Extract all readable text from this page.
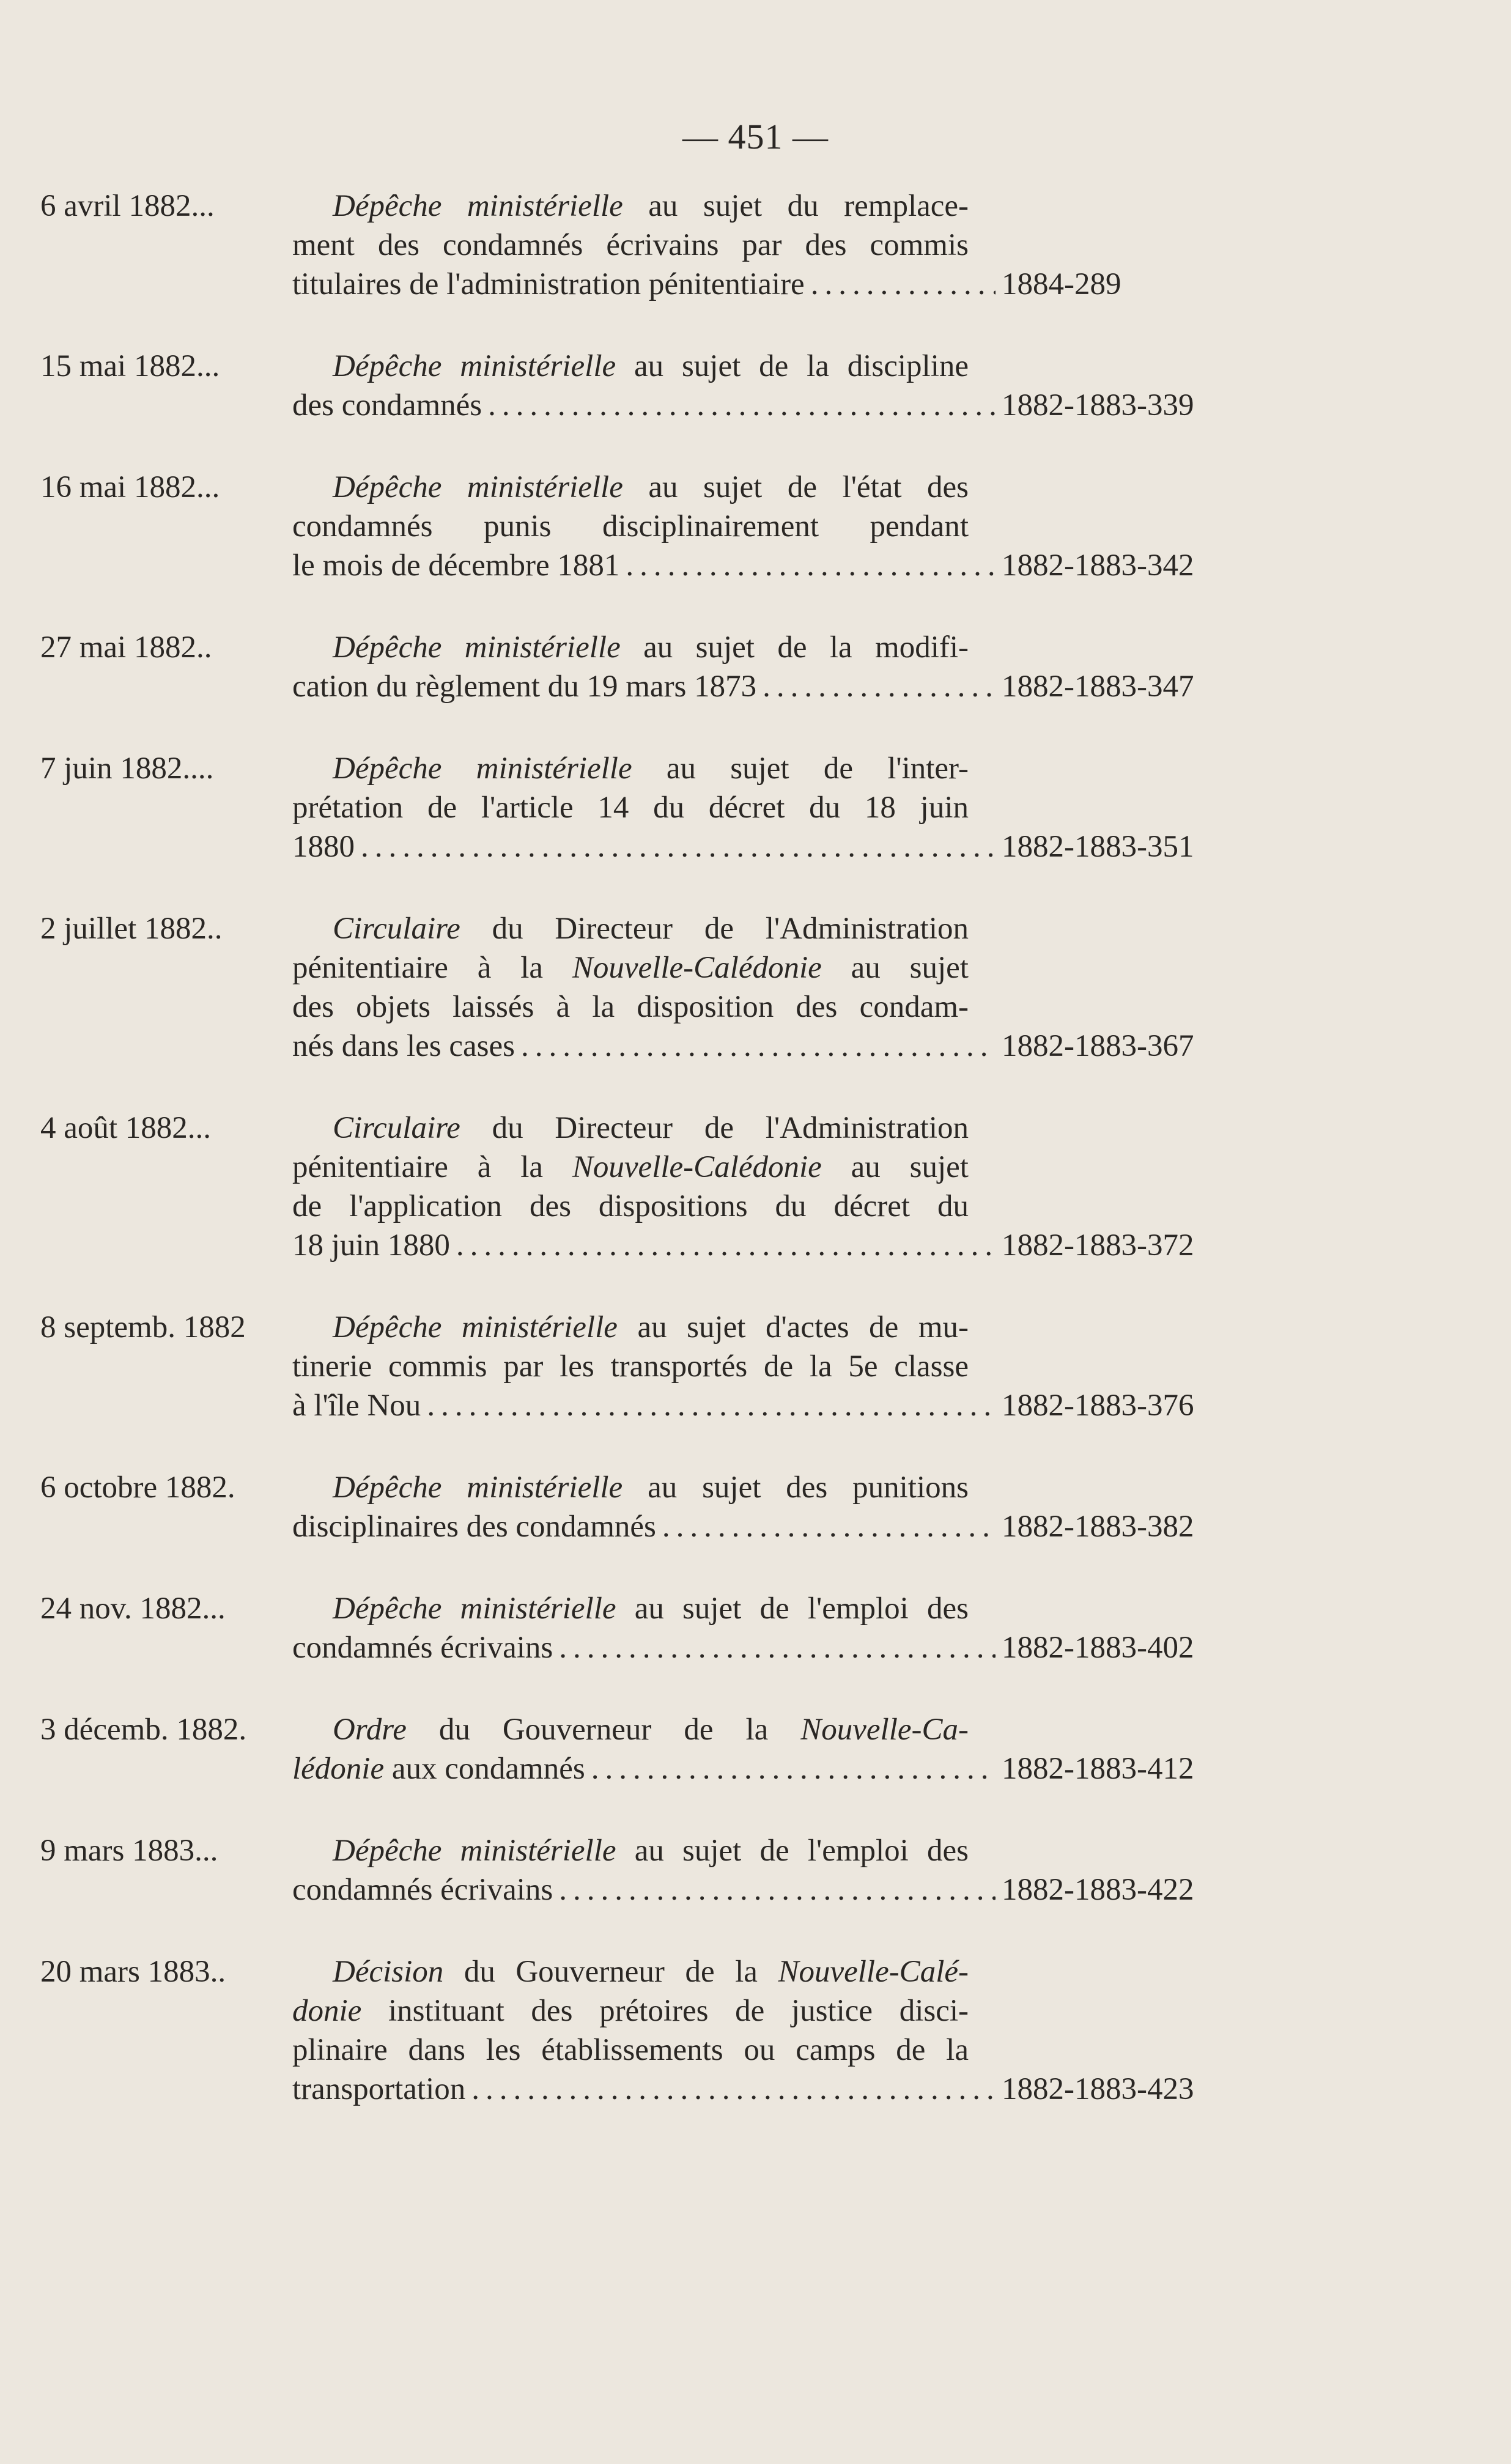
— 451 —
6 avril 1882...	Dépêche ministérielle au sujet du remplace-
ment des condamnés écrivains par des commis
titulaires de l'administration pénitentiaire .....	1884-289
15 mai 1882...	Dépêche ministérielle au sujet de la discipline
des condamnés .....	1882-1883-339
16 mai 1882...	Dépêche ministérielle au sujet de l'état des
condamnés punis disciplinairement pendant
le mois de décembre 1881 .....	1882-1883-342
27 mai 1882..	Dépêche ministérielle au sujet de la modifi-
cation du règlement du 19 mars 1873 .....	1882-1883-347
7 juin 1882....	Dépêche ministérielle au sujet de l'inter-
prétation de l'article 14 du décret du 18 juin
1880 .....	1882-1883-351
2 juillet 1882..	Circulaire du Directeur de l'Administration
pénitentiaire à la Nouvelle-Calédonie au sujet
des objets laissés à la disposition des condam-
nés dans les cases .....	1882-1883-367
4 août 1882...	Circulaire du Directeur de l'Administration
pénitentiaire à la Nouvelle-Calédonie au sujet
de l'application des dispositions du décret du
18 juin 1880 .....	1882-1883-372
8 septemb. 1882	Dépêche ministérielle au sujet d'actes de mu-
tinerie commis par les transportés de la 5e classe
à l'île Nou .....	1882-1883-376
6 octobre 1882.	Dépêche ministérielle au sujet des punitions
disciplinaires des condamnés .....	1882-1883-382
24 nov. 1882...	Dépêche ministérielle au sujet de l'emploi des
condamnés écrivains .....	1882-1883-402
3 décemb. 1882.	Ordre du Gouverneur de la Nouvelle-Ca-
lédonie aux condamnés .....	1882-1883-412
9 mars 1883...	Dépêche ministérielle au sujet de l'emploi des
condamnés écrivains .....	1882-1883-422
20 mars 1883..	Décision du Gouverneur de la Nouvelle-Calé-
donie instituant des prétoires de justice disci-
plinaire dans les établissements ou camps de la
transportation .....	1882-1883-423
